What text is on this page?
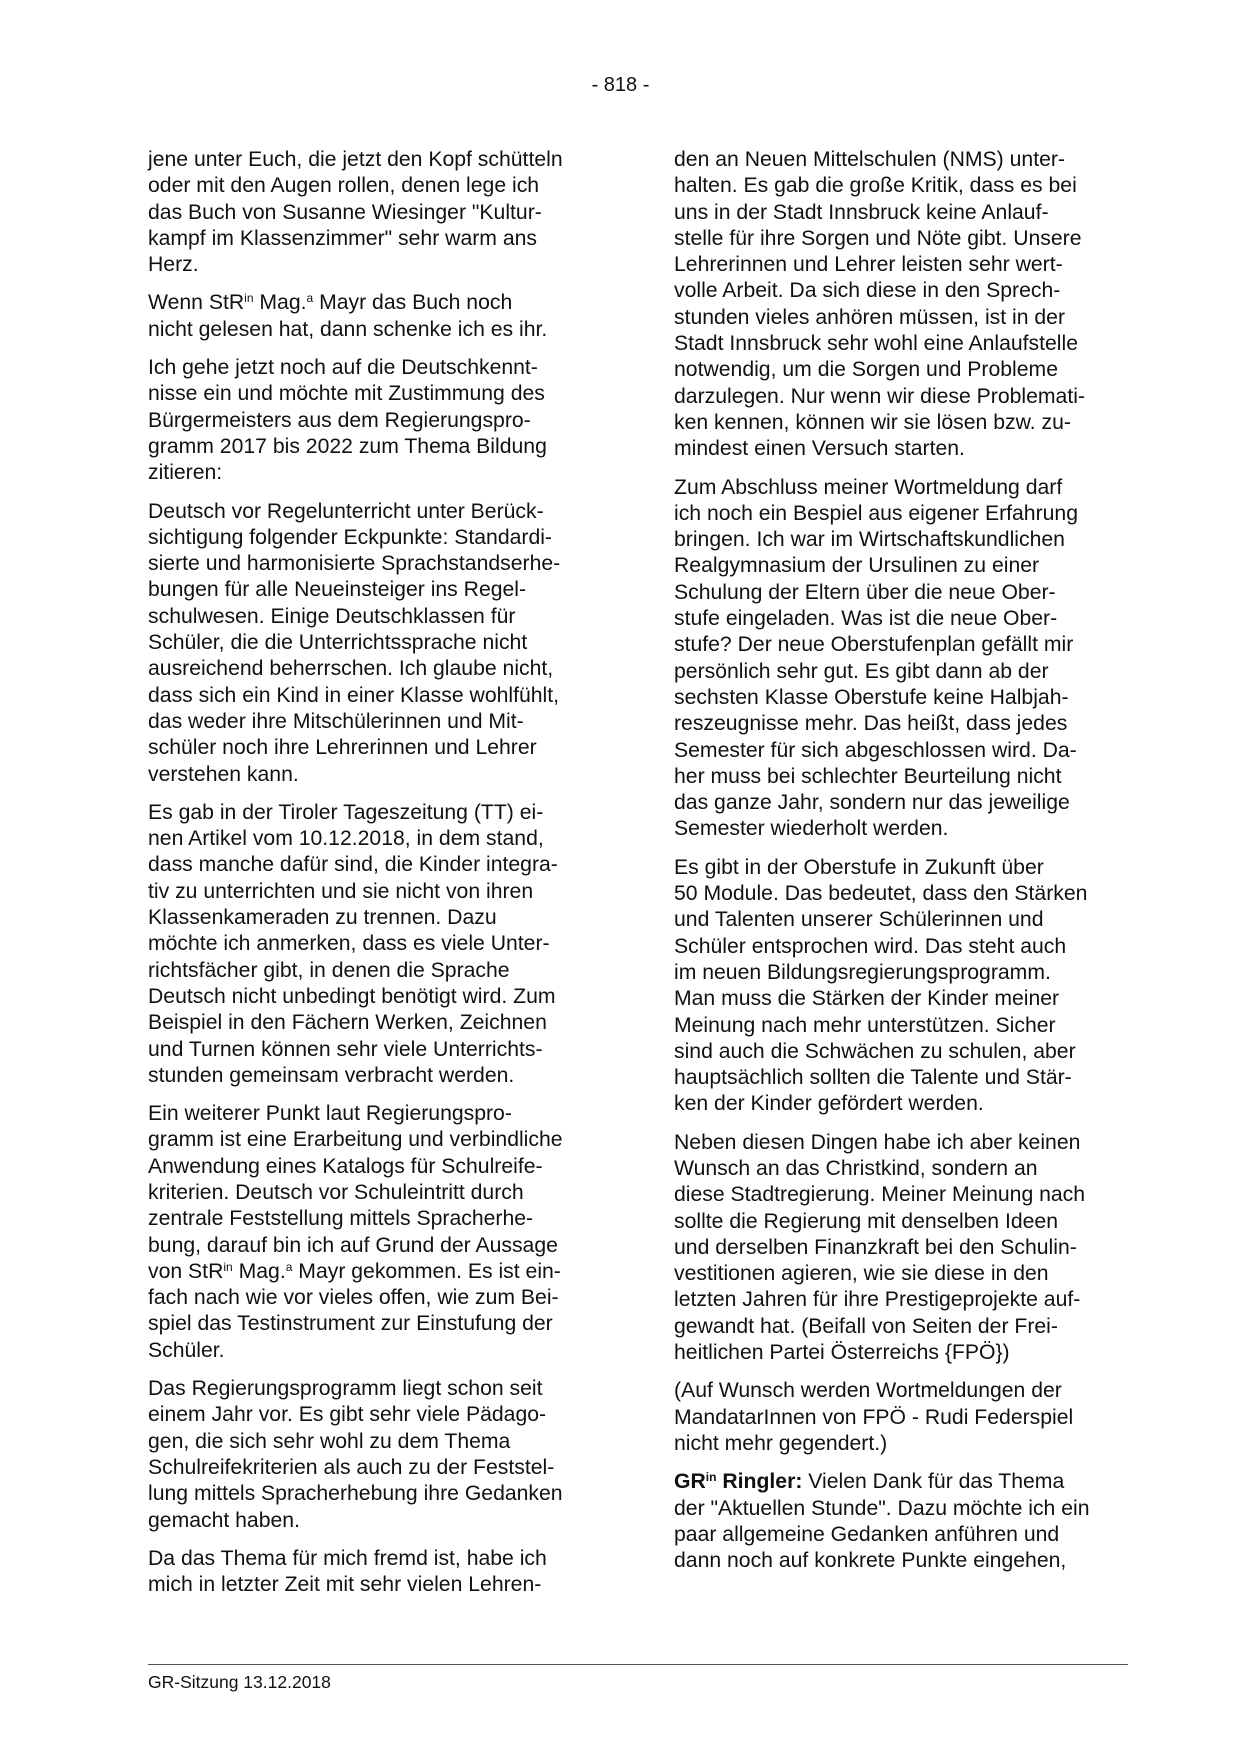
- 818 -

jene unter Euch, die jetzt den Kopf schütteln
oder mit den Augen rollen, denen lege ich
das Buch von Susanne Wiesinger "Kultur-
kampf im Klassenzimmer" sehr warm ans
Herz.

Wenn StR$^{in}$ Mag.$^a$ Mayr das Buch noch
nicht gelesen hat, dann schenke ich es ihr.

Ich gehe jetzt noch auf die Deutschkennt-
nisse ein und möchte mit Zustimmung des
Bürgermeisters aus dem Regierungspro-
gramm 2017 bis 2022 zum Thema Bildung
zitieren:

Deutsch vor Regelunterricht unter Berück-
sichtigung folgender Eckpunkte: Standardi-
sierte und harmonisierte Sprachstandserhe-
bungen für alle Neueinsteiger ins Regel-
schulwesen. Einige Deutschklassen für
Schüler, die die Unterrichtssprache nicht
ausreichend beherrschen. Ich glaube nicht,
dass sich ein Kind in einer Klasse wohlfühlt,
das weder ihre Mitschülerinnen und Mit-
schüler noch ihre Lehrerinnen und Lehrer
verstehen kann.

Es gab in der Tiroler Tageszeitung (TT) ei-
nen Artikel vom 10.12.2018, in dem stand,
dass manche dafür sind, die Kinder integra-
tiv zu unterrichten und sie nicht von ihren
Klassenkameraden zu trennen. Dazu
möchte ich anmerken, dass es viele Unter-
richtsfächer gibt, in denen die Sprache
Deutsch nicht unbedingt benötigt wird. Zum
Beispiel in den Fächern Werken, Zeichnen
und Turnen können sehr viele Unterrichts-
stunden gemeinsam verbracht werden.

Ein weiterer Punkt laut Regierungspro-
gramm ist eine Erarbeitung und verbindliche
Anwendung eines Katalogs für Schulreife-
kriterien. Deutsch vor Schuleintritt durch
zentrale Feststellung mittels Spracherhe-
bung, darauf bin ich auf Grund der Aussage
von StR$^{in}$ Mag.$^a$ Mayr gekommen. Es ist ein-
fach nach wie vor vieles offen, wie zum Bei-
spiel das Testinstrument zur Einstufung der
Schüler.

Das Regierungsprogramm liegt schon seit
einem Jahr vor. Es gibt sehr viele Pädago-
gen, die sich sehr wohl zu dem Thema
Schulreifekriterien als auch zu der Feststel-
lung mittels Spracherhebung ihre Gedanken
gemacht haben.

Da das Thema für mich fremd ist, habe ich
mich in letzter Zeit mit sehr vielen Lehren-

den an Neuen Mittelschulen (NMS) unter-
halten. Es gab die große Kritik, dass es bei
uns in der Stadt Innsbruck keine Anlauf-
stelle für ihre Sorgen und Nöte gibt. Unsere
Lehrerinnen und Lehrer leisten sehr wert-
volle Arbeit. Da sich diese in den Sprech-
stunden vieles anhören müssen, ist in der
Stadt Innsbruck sehr wohl eine Anlaufstelle
notwendig, um die Sorgen und Probleme
darzulegen. Nur wenn wir diese Problemati-
ken kennen, können wir sie lösen bzw. zu-
mindest einen Versuch starten.

Zum Abschluss meiner Wortmeldung darf
ich noch ein Bespiel aus eigener Erfahrung
bringen. Ich war im Wirtschaftskundlichen
Realgymnasium der Ursulinen zu einer
Schulung der Eltern über die neue Ober-
stufe eingeladen. Was ist die neue Ober-
stufe? Der neue Oberstufenplan gefällt mir
persönlich sehr gut. Es gibt dann ab der
sechsten Klasse Oberstufe keine Halbjah-
reszeugnisse mehr. Das heißt, dass jedes
Semester für sich abgeschlossen wird. Da-
her muss bei schlechter Beurteilung nicht
das ganze Jahr, sondern nur das jeweilige
Semester wiederholt werden.

Es gibt in der Oberstufe in Zukunft über
50 Module. Das bedeutet, dass den Stärken
und Talenten unserer Schülerinnen und
Schüler entsprochen wird. Das steht auch
im neuen Bildungsregierungsprogramm.
Man muss die Stärken der Kinder meiner
Meinung nach mehr unterstützen. Sicher
sind auch die Schwächen zu schulen, aber
hauptsächlich sollten die Talente und Stär-
ken der Kinder gefördert werden.

Neben diesen Dingen habe ich aber keinen
Wunsch an das Christkind, sondern an
diese Stadtregierung. Meiner Meinung nach
sollte die Regierung mit denselben Ideen
und derselben Finanzkraft bei den Schulin-
vestitionen agieren, wie sie diese in den
letzten Jahren für ihre Prestigeprojekte auf-
gewandt hat. (Beifall von Seiten der Frei-
heitlichen Partei Österreichs {FPÖ})

(Auf Wunsch werden Wortmeldungen der
MandatarInnen von FPÖ - Rudi Federspiel
nicht mehr gegendert.)

$GR^{in}$ Ringler: Vielen Dank für das Thema
der "Aktuellen Stunde". Dazu möchte ich ein
paar allgemeine Gedanken anführen und
dann noch auf konkrete Punkte eingehen,

GR-Sitzung 13.12.2018
